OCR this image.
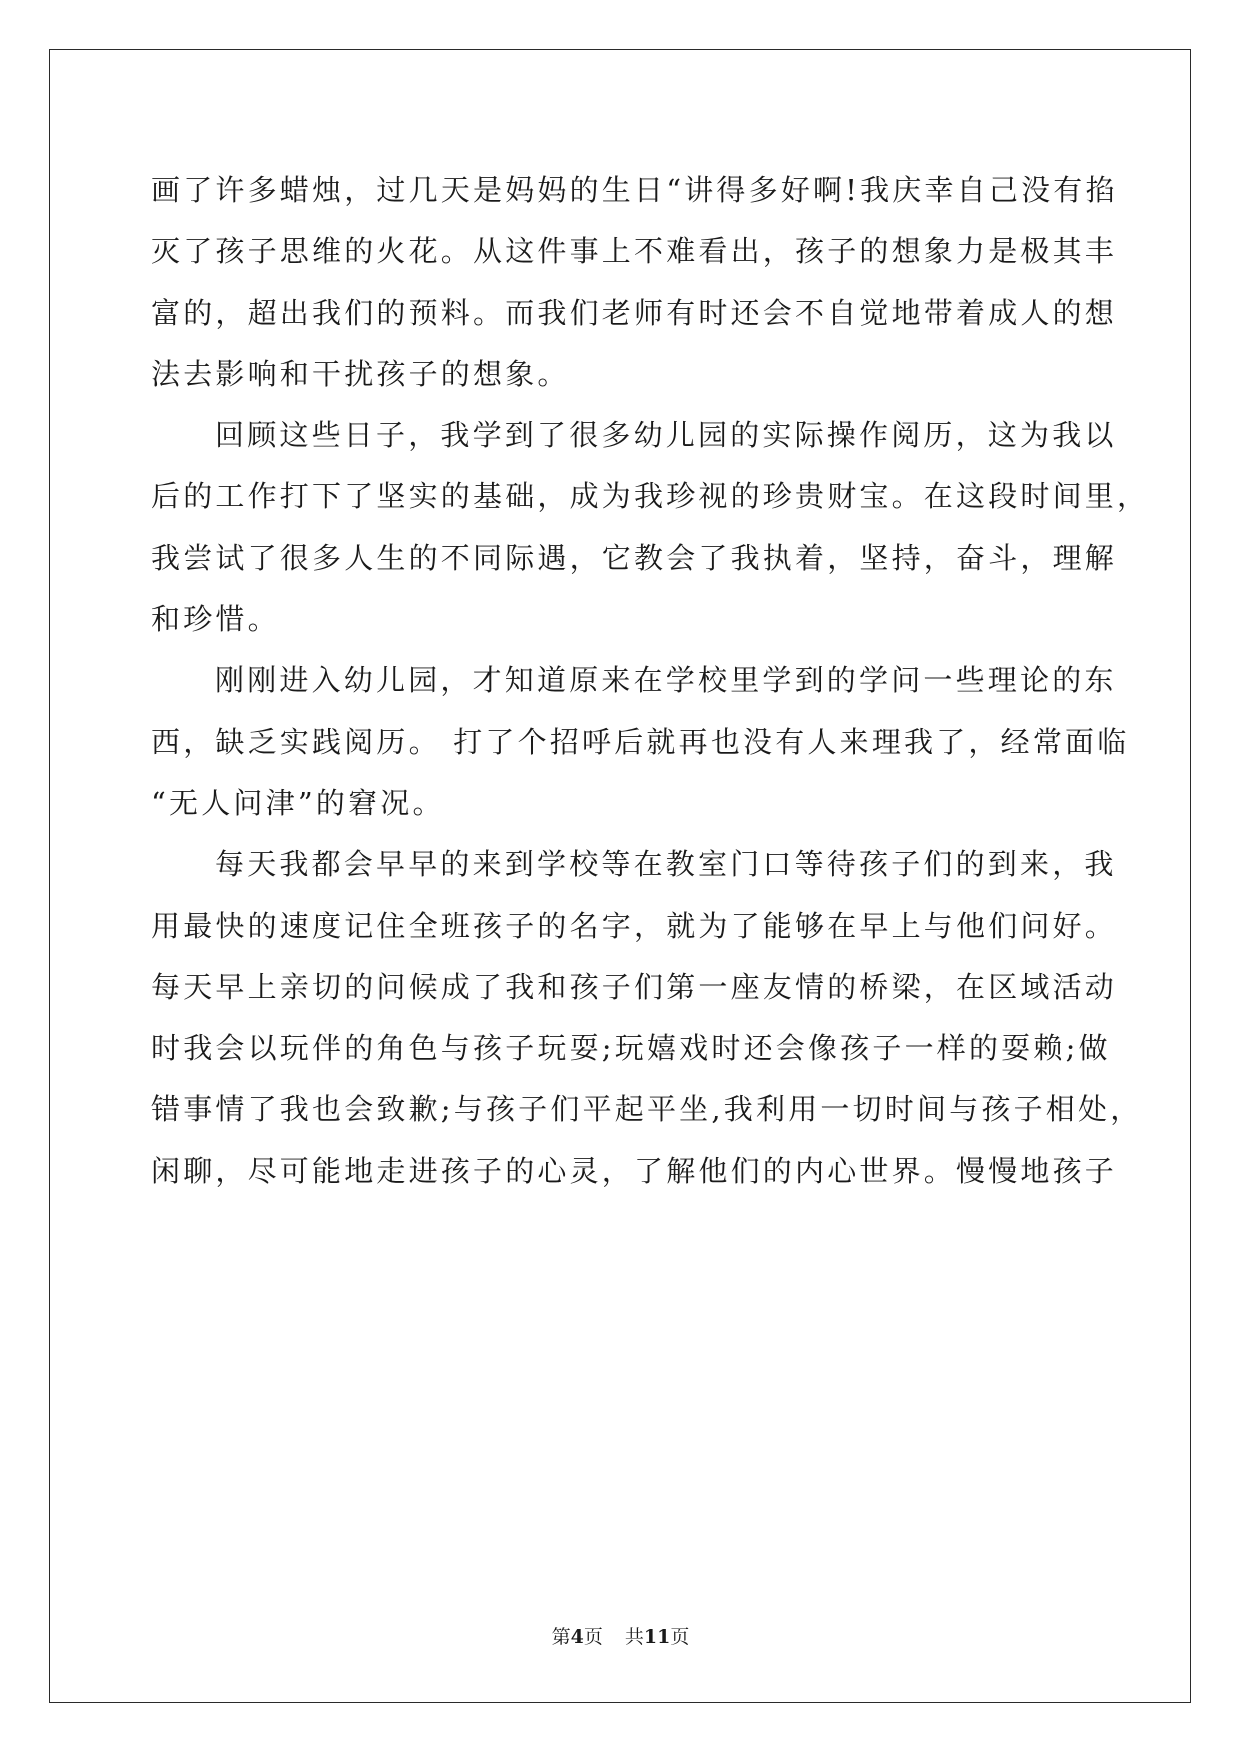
画了许多蜡烛，过几天是妈妈的生日“讲得多好啊!我庆幸自己没有掐
灭了孩子思维的火花。从这件事上不难看出，孩子的想象力是极其丰
富的，超出我们的预料。而我们老师有时还会不自觉地带着成人的想
法去影响和干扰孩子的想象。
回顾这些日子，我学到了很多幼儿园的实际操作阅历，这为我以
后的工作打下了坚实的基础，成为我珍视的珍贵财宝。在这段时间里，
我尝试了很多人生的不同际遇，它教会了我执着，坚持，奋斗，理解
和珍惜。
刚刚进入幼儿园，才知道原来在学校里学到的学问一些理论的东
西，缺乏实践阅历。 打了个招呼后就再也没有人来理我了，经常面临
“无人问津”的窘况。
每天我都会早早的来到学校等在教室门口等待孩子们的到来，我
用最快的速度记住全班孩子的名字，就为了能够在早上与他们问好。
每天早上亲切的问候成了我和孩子们第一座友情的桥梁，在区域活动
时我会以玩伴的角色与孩子玩耍;玩嬉戏时还会像孩子一样的耍赖;做
错事情了我也会致歉;与孩子们平起平坐,我利用一切时间与孩子相处，
闲聊，尽可能地走进孩子的心灵，了解他们的内心世界。慢慢地孩子
第4页 共11页
